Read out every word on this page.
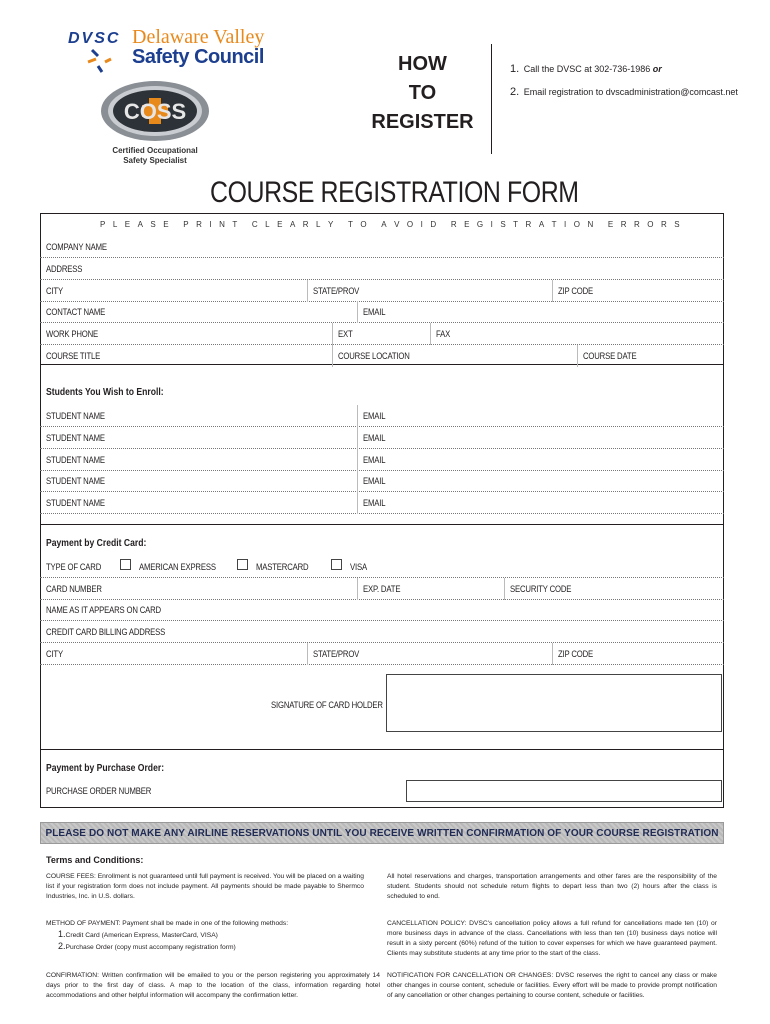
DVSC Delaware Valley
Safety Council
COSS
Certified Occupational
Safety Specialist
HOW
TO
REGISTER
1. Call the DVSC at 302-736-1986 or
2. Email registration to dvscadministration@comcast.net
COURSE REGISTRATION FORM
P L E A S E P R I N T C L E A R L Y T O A V O I D R E G I S T R A T I O N E R R O R S
COMPANY NAME
ADDRESS
CITY	STATE/PROV	ZIP CODE
CONTACT NAME	EMAIL
WORK PHONE	EXT	FAX
COURSE TITLE	COURSE LOCATION	COURSE DATE
Students You Wish to Enroll:
STUDENT NAME	EMAIL
STUDENT NAME	EMAIL
STUDENT NAME	EMAIL
STUDENT NAME	EMAIL
STUDENT NAME	EMAIL
Payment by Credit Card:
TYPE OF CARD	AMERICAN EXPRESS	MASTERCARD	VISA
CARD NUMBER	EXP. DATE	SECURITY CODE
NAME AS IT APPEARS ON CARD
CREDIT CARD BILLING ADDRESS
CITY	STATE/PROV	ZIP CODE
SIGNATURE OF CARD HOLDER
Payment by Purchase Order:
PURCHASE ORDER NUMBER
PLEASE DO NOT MAKE ANY AIRLINE RESERVATIONS UNTIL YOU RECEIVE WRITTEN CONFIRMATION OF YOUR COURSE REGISTRATION
Terms and Conditions:
COURSE FEES: Enrollment is not guaranteed until full payment is received. You will be placed on a waiting list if your registration form does not include payment. All payments should be made payable to Shermco Industries, Inc. in U.S. dollars.
METHOD OF PAYMENT: Payment shall be made in one of the following methods:
1.Credit Card (American Express, MasterCard, VISA)
2.Purchase Order (copy must accompany registration form)
CONFIRMATION: Written confirmation will be emailed to you or the person registering you approximately 14 days prior to the first day of class. A map to the location of the class, information regarding hotel accommodations and other helpful information will accompany the confirmation letter.
All hotel reservations and charges, transportation arrangements and other fares are the responsibility of the student. Students should not schedule return flights to depart less than two (2) hours after the class is scheduled to end.
CANCELLATION POLICY: DVSC's cancellation policy allows a full refund for cancellations made ten (10) or more business days in advance of the class. Cancellations with less than ten (10) business days notice will result in a sixty percent (60%) refund of the tuition to cover expenses for which we have guaranteed payment. Clients may substitute students at any time prior to the start of the class.
NOTIFICATION FOR CANCELLATION OR CHANGES: DVSC reserves the right to cancel any class or make other changes in course content, schedule or facilities. Every effort will be made to provide prompt notification of any cancellation or other changes pertaining to course content, schedule or facilities.
